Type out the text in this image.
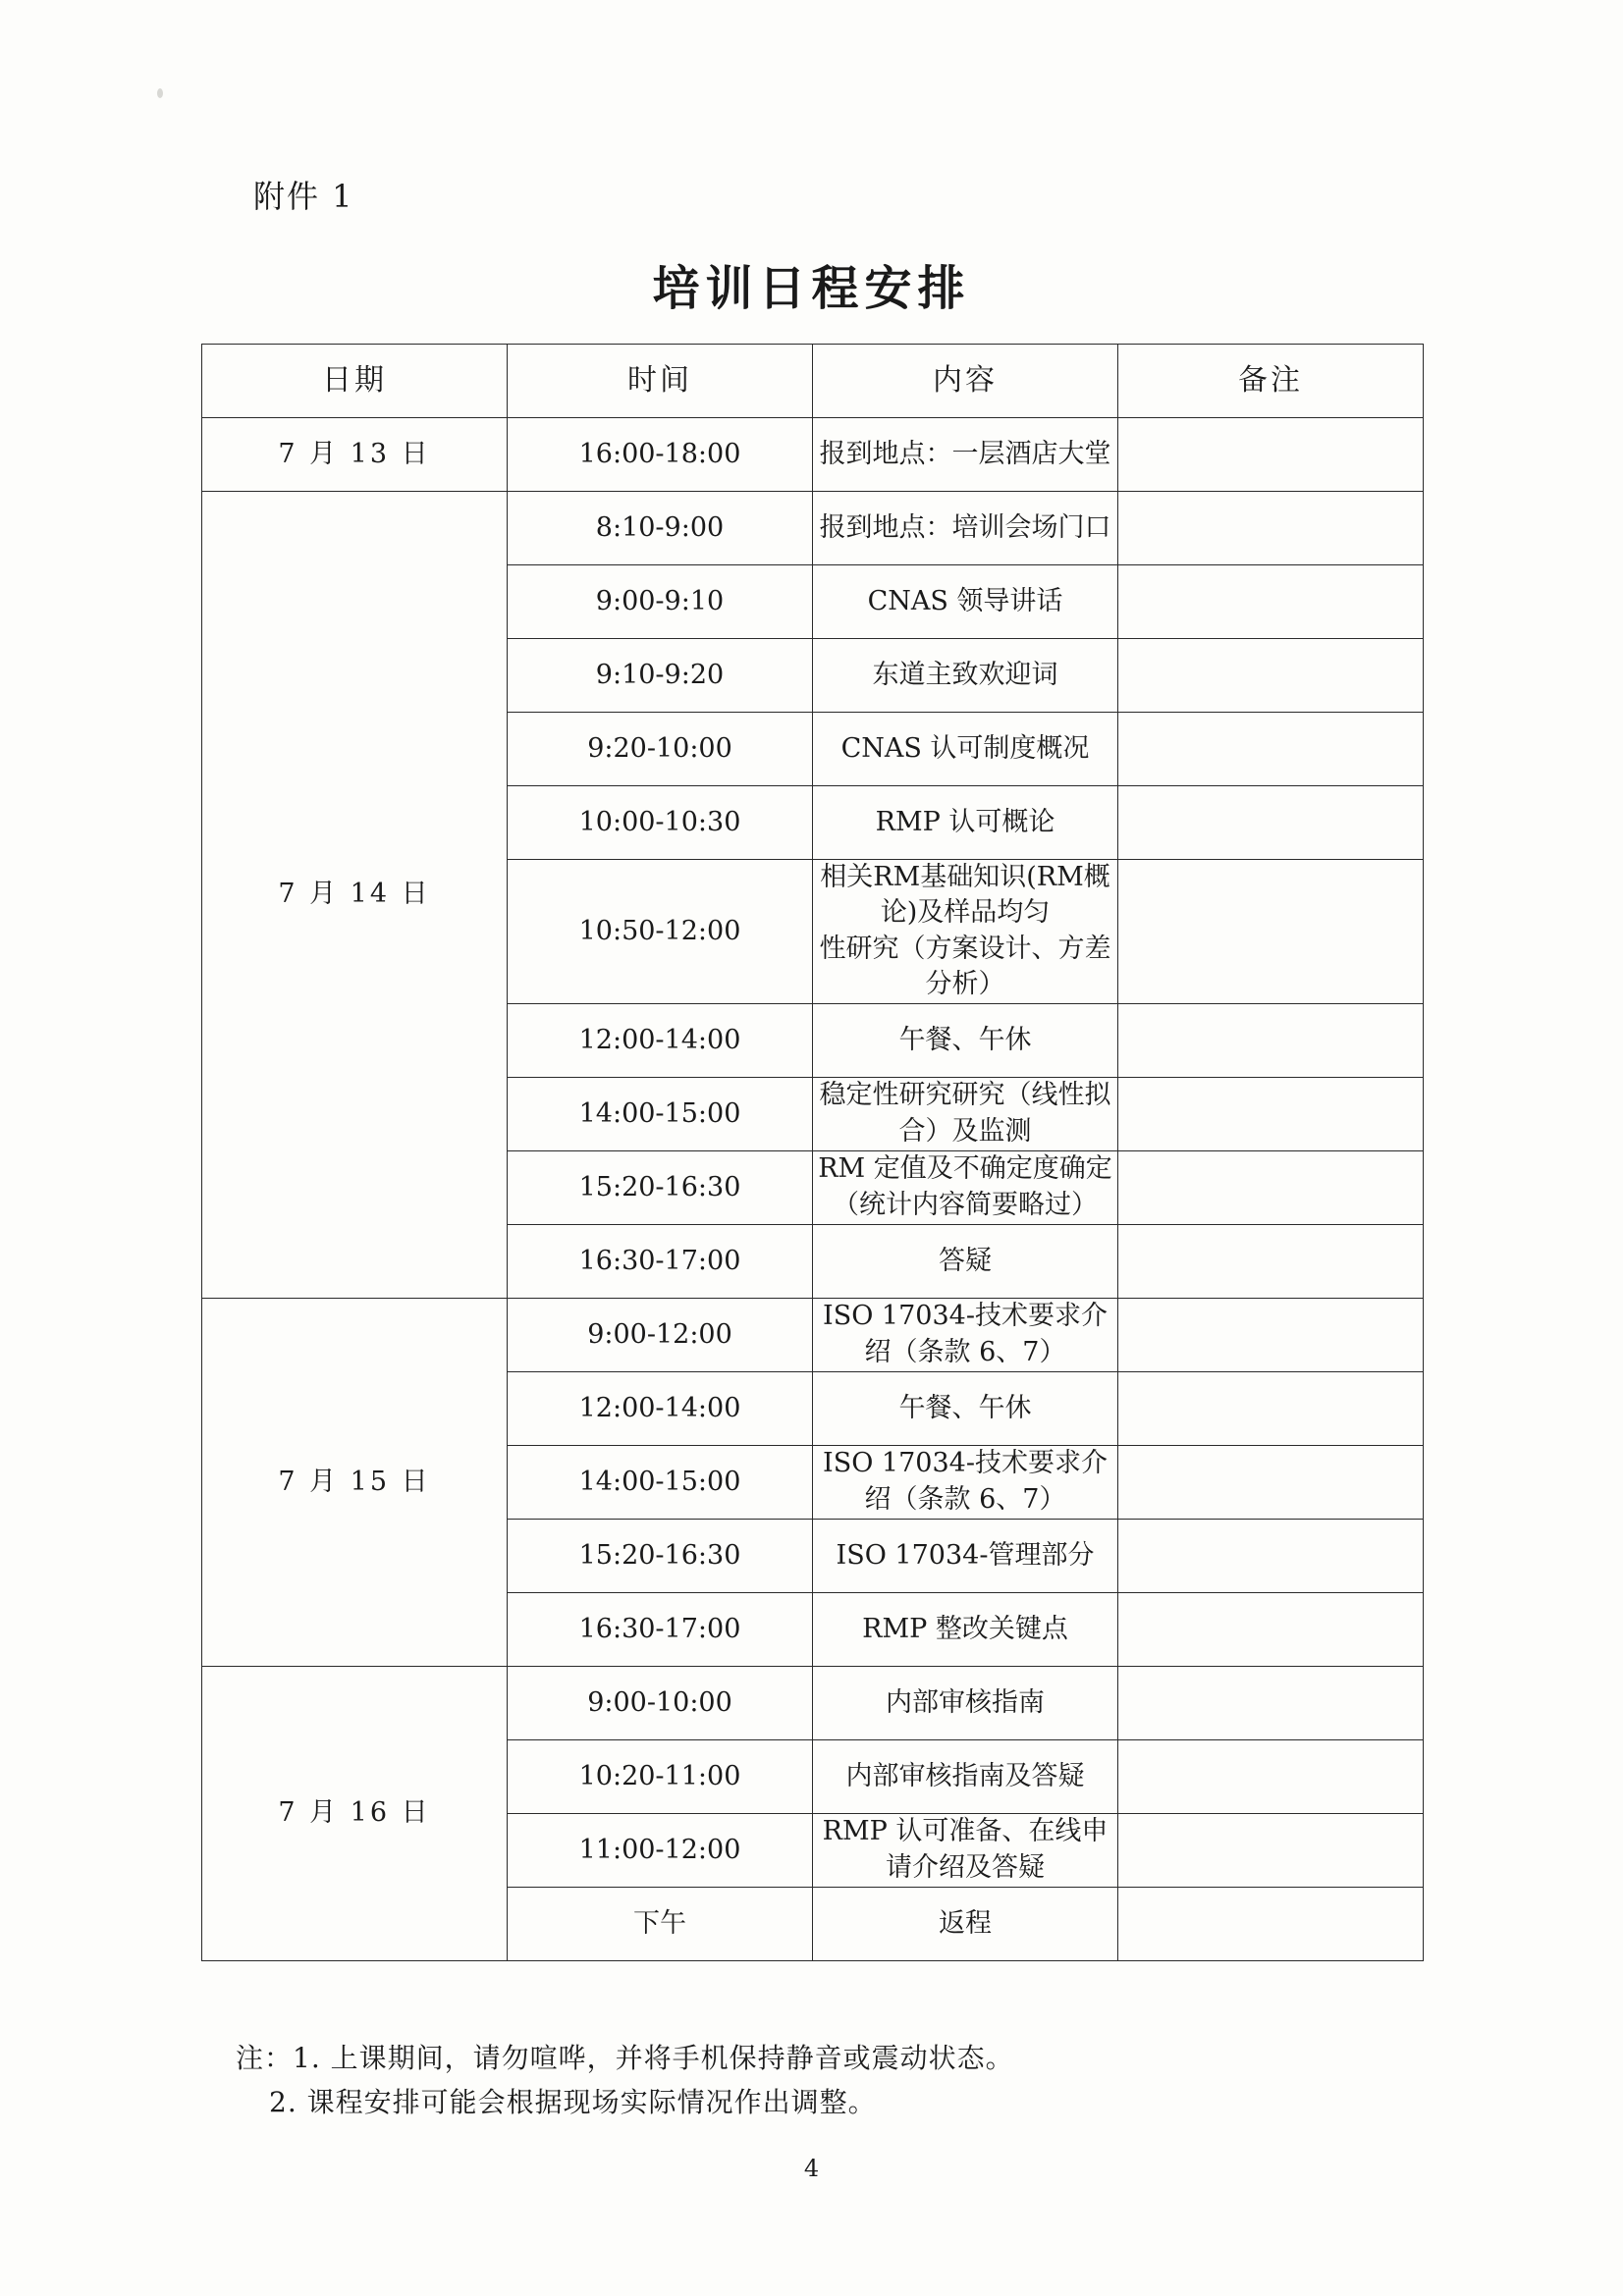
附件 1
培训日程安排
日期	时间	内容	备注
7 月 13 日	16:00-18:00	报到地点：一层酒店大堂	
7 月 14 日	8:10-9:00	报到地点：培训会场门口	
	9:00-9:10	CNAS 领导讲话	
	9:10-9:20	东道主致欢迎词	
	9:20-10:00	CNAS 认可制度概况	
	10:00-10:30	RMP 认可概论	
	10:50-12:00	相关RM基础知识(RM概论)及样品均匀
性研究（方案设计、方差分析）	

	12:00-14:00	午餐、午休	
	14:00-15:00	稳定性研究研究（线性拟合）及监测	
	15:20-16:30	RM 定值及不确定度确定
（统计内容简要略过）	

	16:30-17:00	答疑	
7 月 15 日	9:00-12:00	ISO 17034-技术要求介绍（条款 6、7）	
	12:00-14:00	午餐、午休	
	14:00-15:00	ISO 17034-技术要求介绍（条款 6、7）	
	15:20-16:30	ISO 17034-管理部分	
	16:30-17:00	RMP 整改关键点	
7 月 16 日	9:00-10:00	内部审核指南	
	10:20-11:00	内部审核指南及答疑	
	11:00-12:00	RMP 认可准备、在线申请介绍及答疑	
	下午	返程	
注：1. 上课期间，请勿喧哗，并将手机保持静音或震动状态。
2. 课程安排可能会根据现场实际情况作出调整。
4
